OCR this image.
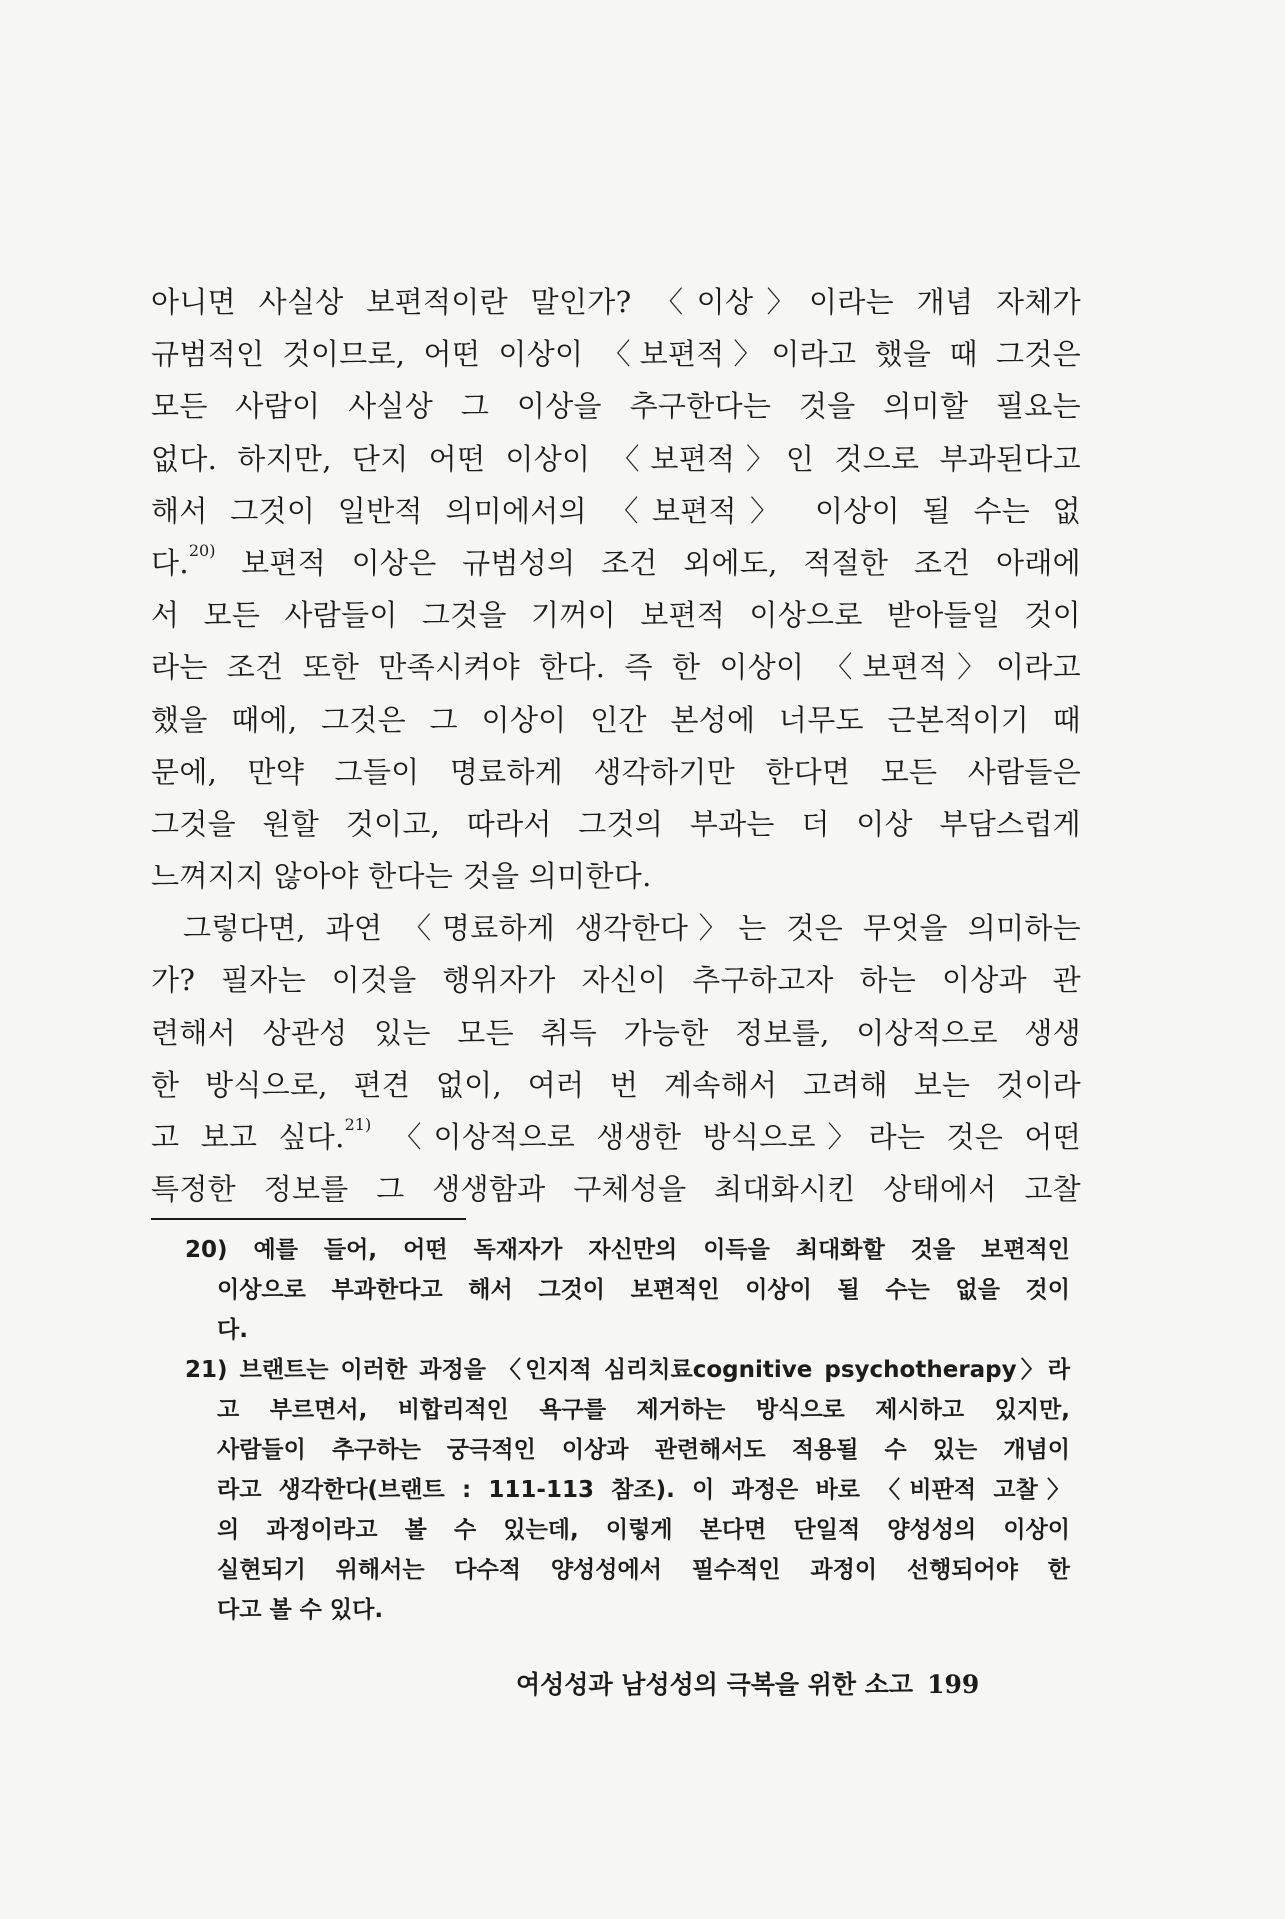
아니면 사실상 보편적이란 말인가? 〈이상〉이라는 개념 자체가
규범적인 것이므로, 어떤 이상이 〈보편적〉이라고 했을 때 그것은
모든 사람이 사실상 그 이상을 추구한다는 것을 의미할 필요는
없다. 하지만, 단지 어떤 이상이 〈보편적〉인 것으로 부과된다고
해서 그것이 일반적 의미에서의 〈보편적〉 이상이 될 수는 없
다.$^{20)}$ 보편적 이상은 규범성의 조건 외에도, 적절한 조건 아래에
서 모든 사람들이 그것을 기꺼이 보편적 이상으로 받아들일 것이
라는 조건 또한 만족시켜야 한다. 즉 한 이상이 〈보편적〉이라고
했을 때에, 그것은 그 이상이 인간 본성에 너무도 근본적이기 때
문에, 만약 그들이 명료하게 생각하기만 한다면 모든 사람들은
그것을 원할 것이고, 따라서 그것의 부과는 더 이상 부담스럽게
느껴지지 않아야 한다는 것을 의미한다.
그렇다면, 과연 〈명료하게 생각한다〉는 것은 무엇을 의미하는
가? 필자는 이것을 행위자가 자신이 추구하고자 하는 이상과 관
련해서 상관성 있는 모든 취득 가능한 정보를, 이상적으로 생생
한 방식으로, 편견 없이, 여러 번 계속해서 고려해 보는 것이라
고 보고 싶다.$^{21)}$ 〈이상적으로 생생한 방식으로〉라는 것은 어떤
특정한 정보를 그 생생함과 구체성을 최대화시킨 상태에서 고찰
20) 예를 들어, 어떤 독재자가 자신만의 이득을 최대화할 것을 보편적인
이상으로 부과한다고 해서 그것이 보편적인 이상이 될 수는 없을 것이
다.
21) 브랜트는 이러한 과정을 〈인지적 심리치료cognitive psychotherapy〉라
고 부르면서, 비합리적인 욕구를 제거하는 방식으로 제시하고 있지만,
사람들이 추구하는 궁극적인 이상과 관련해서도 적용될 수 있는 개념이
라고 생각한다(브랜트 : 111-113 참조). 이 과정은 바로 〈비판적 고찰〉
의 과정이라고 볼 수 있는데, 이렇게 본다면 단일적 양성성의 이상이
실현되기 위해서는 다수적 양성성에서 필수적인 과정이 선행되어야 한
다고 볼 수 있다.
여성성과 남성성의 극복을 위한 소고 199
